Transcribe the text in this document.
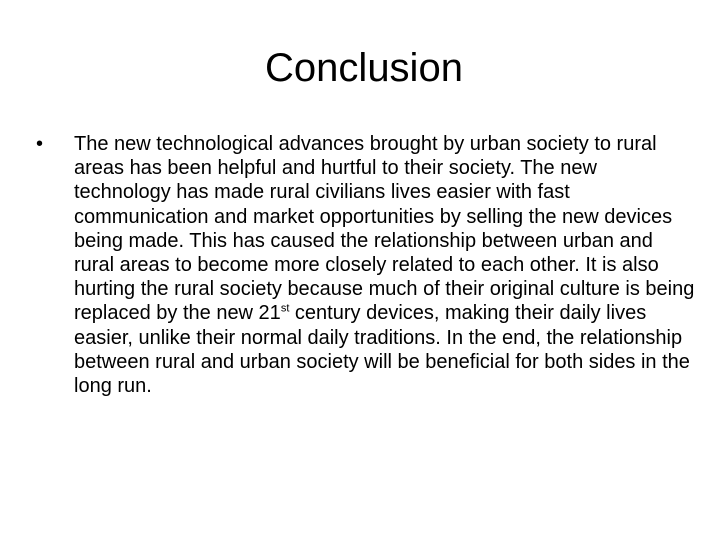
Conclusion
•	The new technological advances brought by urban society to rural areas has been helpful and hurtful to their society. The new technology has made rural civilians lives easier with fast communication and market opportunities by selling the new devices being made. This has caused the relationship between urban and rural areas to become more closely related to each other. It is also hurting the rural society because much of their original culture is being replaced by the new 21st century devices, making their daily lives easier, unlike their normal daily traditions. In the end, the relationship between rural and urban society will be beneficial for both sides in the long run.
